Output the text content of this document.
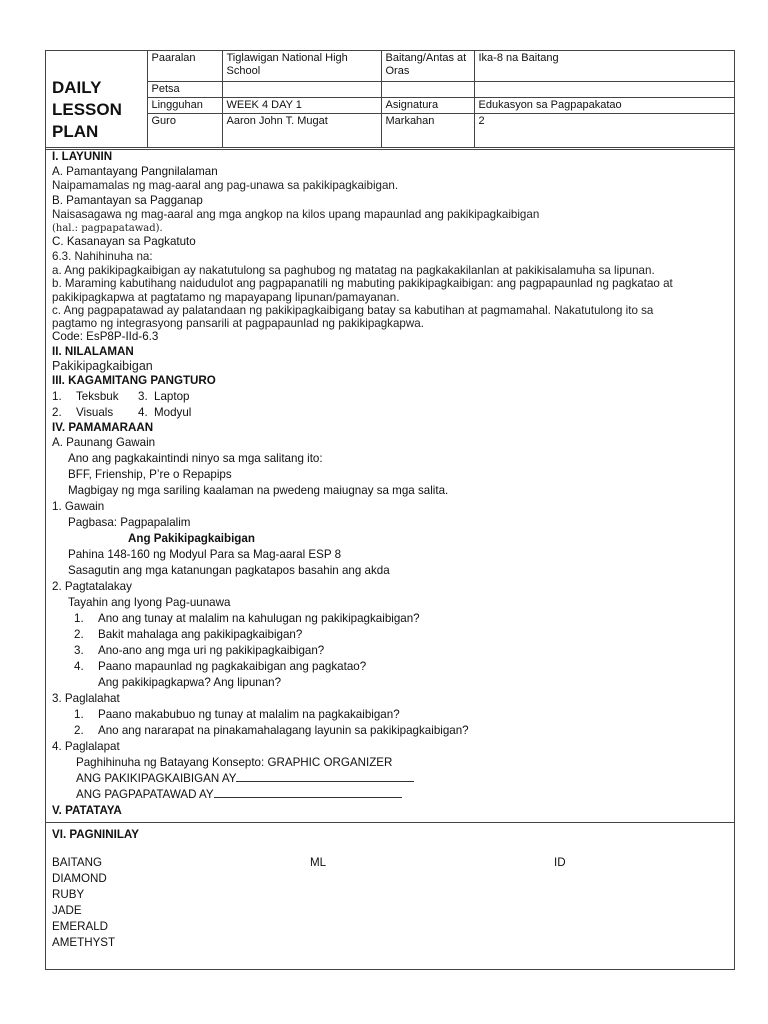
DAILY
LESSON
PLAN	Paaralan	Tiglawigan National High School	Baitang/Antas at Oras	Ika-8 na Baitang
	Petsa			
	Lingguhan	WEEK 4 DAY 1	Asignatura	Edukasyon sa Pagpapakatao
	Guro	Aaron John T. Mugat	Markahan	2
I. LAYUNIN
A. Pamantayang Pangnilalaman
Naipamamalas ng mag-aaral ang pag-unawa sa pakikipagkaibigan.
B. Pamantayan sa Pagganap
Naisasagawa ng mag-aaral ang mga angkop na kilos upang mapaunlad ang pakikipagkaibigan
(hal.: pagpapatawad).
C. Kasanayan sa Pagkatuto
6.3. Nahihinuha na:
a. Ang pakikipagkaibigan ay nakatutulong sa paghubog ng matatag na pagkakakilanlan at pakikisalamuha sa lipunan.
b. Maraming kabutihang naidudulot ang pagpapanatili ng mabuting pakikipagkaibigan: ang pagpapaunlad ng pagkatao at
pakikipagkapwa at pagtatamo ng mapayapang lipunan/pamayanan.
c. Ang pagpapatawad ay palatandaan ng pakikipagkaibigang batay sa kabutihan at pagmamahal. Nakatutulong ito sa
pagtamo ng integrasyong pansarili at pagpapaunlad ng pakikipagkapwa.
Code: EsP8P-IId-6.3
II. NILALAMAN
Pakikipagkaibigan
III. KAGAMITANG PANGTURO
1. Teksbuk 3. Laptop
2. Visuals 4. Modyul
IV. PAMAMARAAN
A. Paunang Gawain
Ano ang pagkakaintindi ninyo sa mga salitang ito:
BFF, Frienship, P’re o Repapips
Magbigay ng mga sariling kaalaman na pwedeng maiugnay sa mga salita.
1. Gawain
Pagbasa: Pagpapalalim
Ang Pakikipagkaibigan
Pahina 148-160 ng Modyul Para sa Mag-aaral ESP 8
Sasagutin ang mga katanungan pagkatapos basahin ang akda
2. Pagtatalakay
Tayahin ang Iyong Pag-uunawa
1. Ano ang tunay at malalim na kahulugan ng pakikipagkaibigan?
2. Bakit mahalaga ang pakikipagkaibigan?
3. Ano-ano ang mga uri ng pakikipagkaibigan?
4. Paano mapaunlad ng pagkakaibigan ang pagkatao?
Ang pakikipagkapwa? Ang lipunan?
3. Paglalahat
1. Paano makabubuo ng tunay at malalim na pagkakaibigan?
2. Ano ang nararapat na pinakamahalagang layunin sa pakikipagkaibigan?
4. Paglalapat
Paghihinuha ng Batayang Konsepto: GRAPHIC ORGANIZER
ANG PAKIKIPAGKAIBIGAN AY
ANG PAGPAPATAWAD AY
V. PATATAYA
VI. PAGNINILAY
BAITANG	ML	ID
DIAMOND
RUBY
JADE
EMERALD
AMETHYST
